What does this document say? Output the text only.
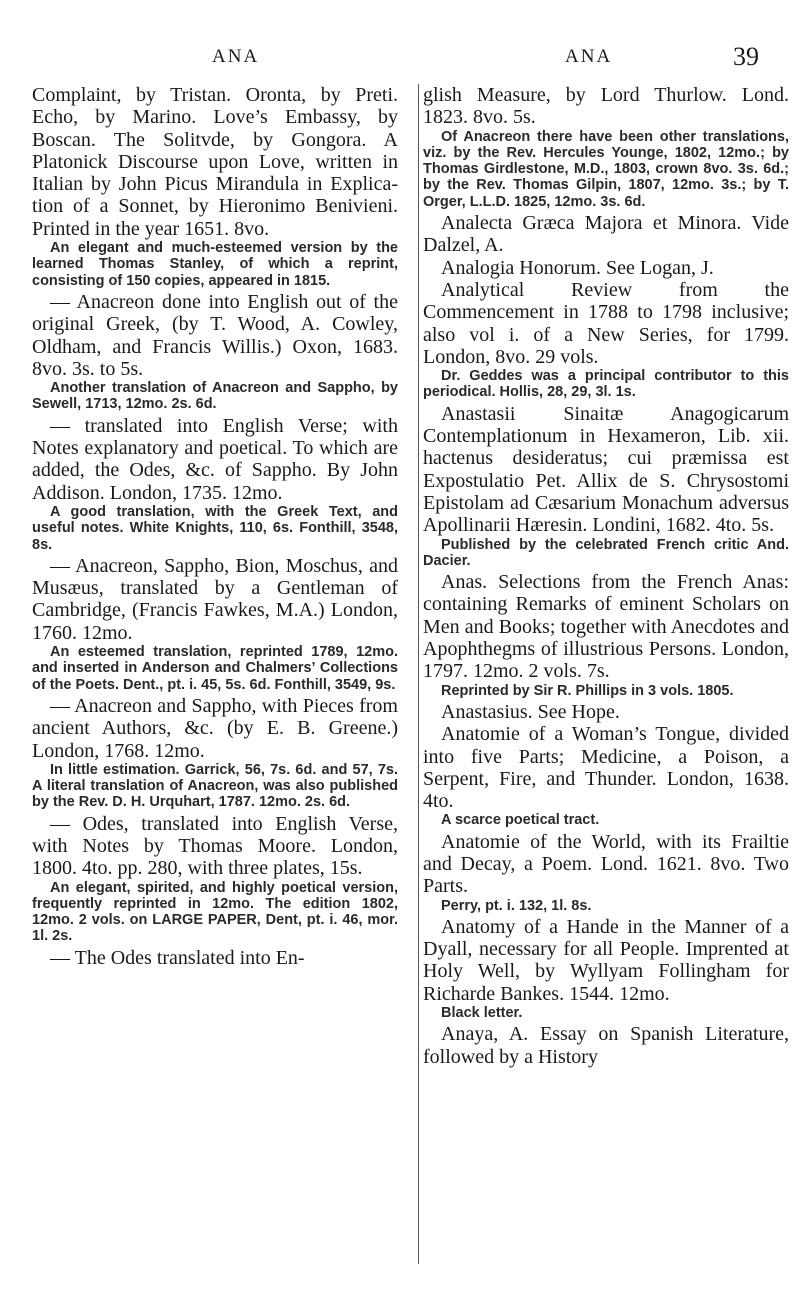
ANA	ANA	39

Complaint, by Tristan. Oronta, by Preti. Echo, by Marino. Love’s Embassy, by Boscan. The Solitvde, by Gongora. A Platonick Discourse upon Love, written in Italian by John Picus Mirandula in Explica-tion of a Sonnet, by Hieronimo Benivieni. Printed in the year 1651. 8vo.

An elegant and much-esteemed version by the learned Thomas Stanley, of which a reprint, consisting of 150 copies, appeared in 1815.

— Anacreon done into English out of the original Greek, (by T. Wood, A. Cowley, Oldham, and Francis Willis.) Oxon, 1683. 8vo. 3s. to 5s.

Another translation of Anacreon and Sappho, by Sewell, 1713, 12mo. 2s. 6d.

— translated into English Verse; with Notes explanatory and poetical. To which are added, the Odes, &c. of Sappho. By John Addison. London, 1735. 12mo.

A good translation, with the Greek Text, and useful notes. White Knights, 110, 6s. Fonthill, 3548, 8s.

— Anacreon, Sappho, Bion, Moschus, and Musæus, translated by a Gentleman of Cambridge, (Francis Fawkes, M.A.) London, 1760. 12mo.

An esteemed translation, reprinted 1789, 12mo. and inserted in Anderson and Chalmers’ Collections of the Poets. Dent., pt. i. 45, 5s. 6d. Fonthill, 3549, 9s.

— Anacreon and Sappho, with Pieces from ancient Authors, &c. (by E. B. Greene.) London, 1768. 12mo.

In little estimation. Garrick, 56, 7s. 6d. and 57, 7s. A literal translation of Anacreon, was also published by the Rev. D. H. Urquhart, 1787. 12mo. 2s. 6d.

— Odes, translated into English Verse, with Notes by Thomas Moore. London, 1800. 4to. pp. 280, with three plates, 15s.

An elegant, spirited, and highly poetical version, frequently reprinted in 12mo. The edition 1802, 12mo. 2 vols. on LARGE PAPER, Dent, pt. i. 46, mor. 1l. 2s.

— The Odes translated into En-

glish Measure, by Lord Thurlow. Lond. 1823. 8vo. 5s.

Of Anacreon there have been other translations, viz. by the Rev. Hercules Younge, 1802, 12mo.; by Thomas Girdlestone, M.D., 1803, crown 8vo. 3s. 6d.; by the Rev. Thomas Gilpin, 1807, 12mo. 3s.; by T. Orger, L.L.D. 1825, 12mo. 3s. 6d.

Analecta Græca Majora et Minora. Vide Dalzel, A.

Analogia Honorum. See Logan, J.

Analytical Review from the Commencement in 1788 to 1798 inclusive; also vol i. of a New Series, for 1799. London, 8vo. 29 vols.

Dr. Geddes was a principal contributor to this periodical. Hollis, 28, 29, 3l. 1s.

Anastasii Sinaitæ Anagogicarum Contemplationum in Hexameron, Lib. xii. hactenus desideratus; cui præmissa est Expostulatio Pet. Allix de S. Chrysostomi Epistolam ad Cæsarium Monachum adversus Apollinarii Hæresin. Londini, 1682. 4to. 5s.

Published by the celebrated French critic And. Dacier.

Anas. Selections from the French Anas: containing Remarks of eminent Scholars on Men and Books; together with Anecdotes and Apophthegms of illustrious Persons. London, 1797. 12mo. 2 vols. 7s.

Reprinted by Sir R. Phillips in 3 vols. 1805.

Anastasius. See Hope.

Anatomie of a Woman’s Tongue, divided into five Parts; Medicine, a Poison, a Serpent, Fire, and Thunder. London, 1638. 4to.

A scarce poetical tract.

Anatomie of the World, with its Frailtie and Decay, a Poem. Lond. 1621. 8vo. Two Parts.

Perry, pt. i. 132, 1l. 8s.

Anatomy of a Hande in the Manner of a Dyall, necessary for all People. Imprented at Holy Well, by Wyllyam Follingham for Richarde Bankes. 1544. 12mo.

Black letter.

Anaya, A. Essay on Spanish Literature, followed by a History
